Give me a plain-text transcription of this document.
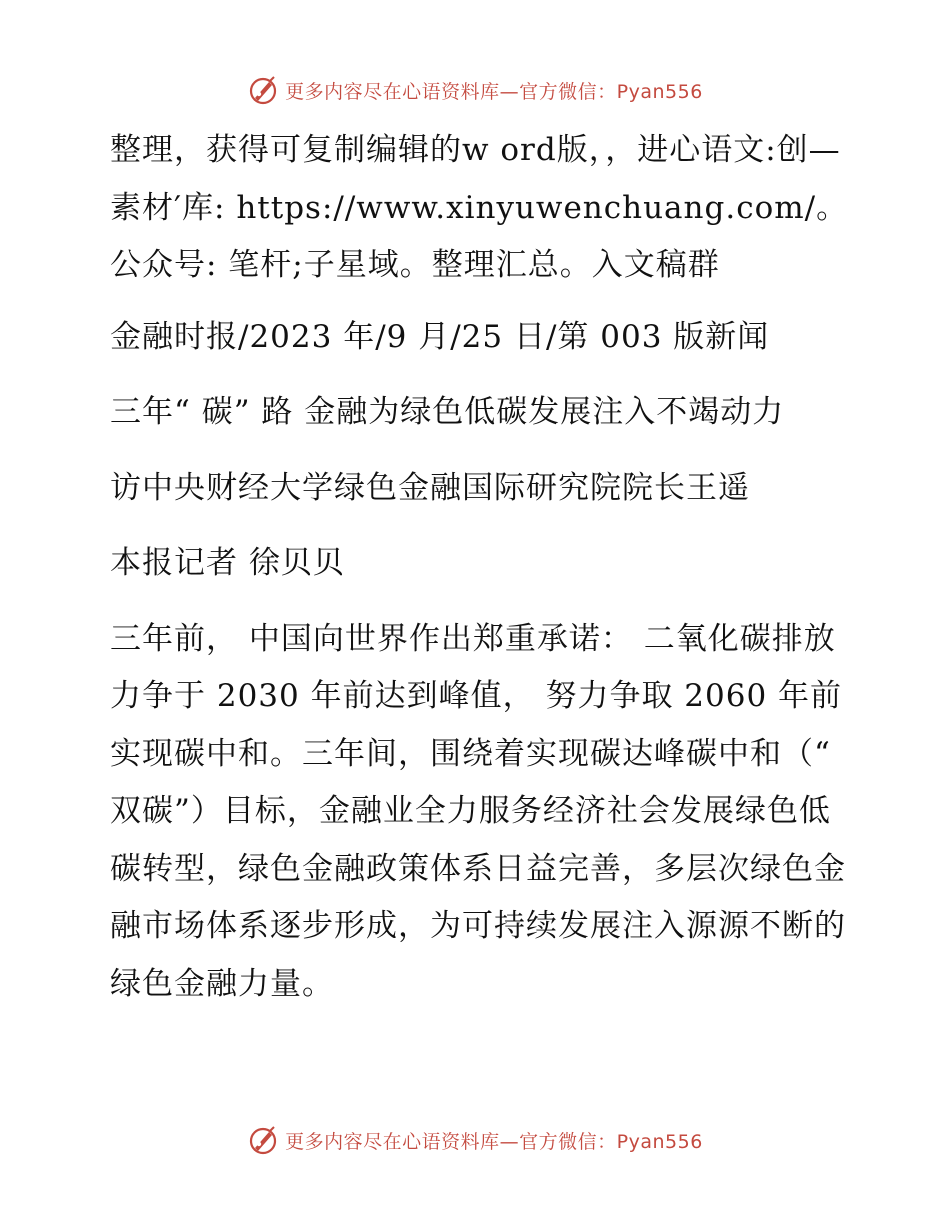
更多内容尽在心语资料库—官方微信：Pyan556

整理，获得可复制编辑的w ord版，，进心语文:创—素材′库: https://www.xinyuwenchuang.com/。公众号: 笔杆;子星域。整理汇总。入文稿群

金融时报/2023 年/9 月/25 日/第 003 版新闻

三年“ 碳” 路 金融为绿色低碳发展注入不竭动力

访中央财经大学绿色金融国际研究院院长王遥

本报记者 徐贝贝

三年前， 中国向世界作出郑重承诺： 二氧化碳排放力争于 2030 年前达到峰值， 努力争取 2060 年前实现碳中和。三年间，围绕着实现碳达峰碳中和（“ 双碳”）目标，金融业全力服务经济社会发展绿色低碳转型，绿色金融政策体系日益完善，多层次绿色金融市场体系逐步形成，为可持续发展注入源源不断的绿色金融力量。

更多内容尽在心语资料库—官方微信：Pyan556
